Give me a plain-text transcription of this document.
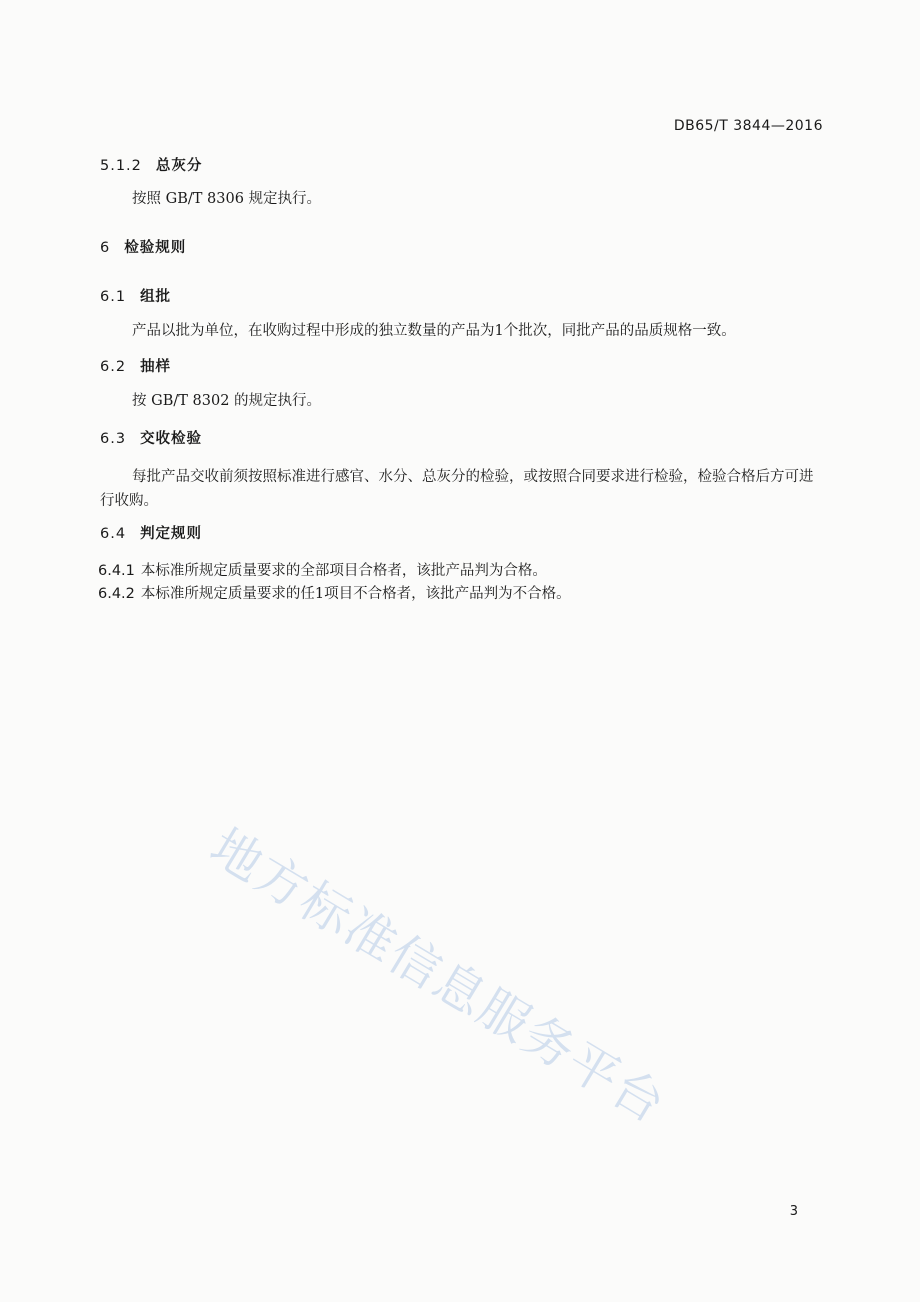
DB65/T 3844—2016
5.1.2 总灰分
按照 GB/T 8306 规定执行。
6 检验规则
6.1 组批
产品以批为单位，在收购过程中形成的独立数量的产品为1个批次，同批产品的品质规格一致。
6.2 抽样
按 GB/T 8302 的规定执行。
6.3 交收检验
每批产品交收前须按照标准进行感官、水分、总灰分的检验，或按照合同要求进行检验，检验合格后方可进行收购。
6.4 判定规则
6.4.1 本标准所规定质量要求的全部项目合格者，该批产品判为合格。
6.4.2 本标准所规定质量要求的任1项目不合格者，该批产品判为不合格。
地方标准信息服务平台
3
